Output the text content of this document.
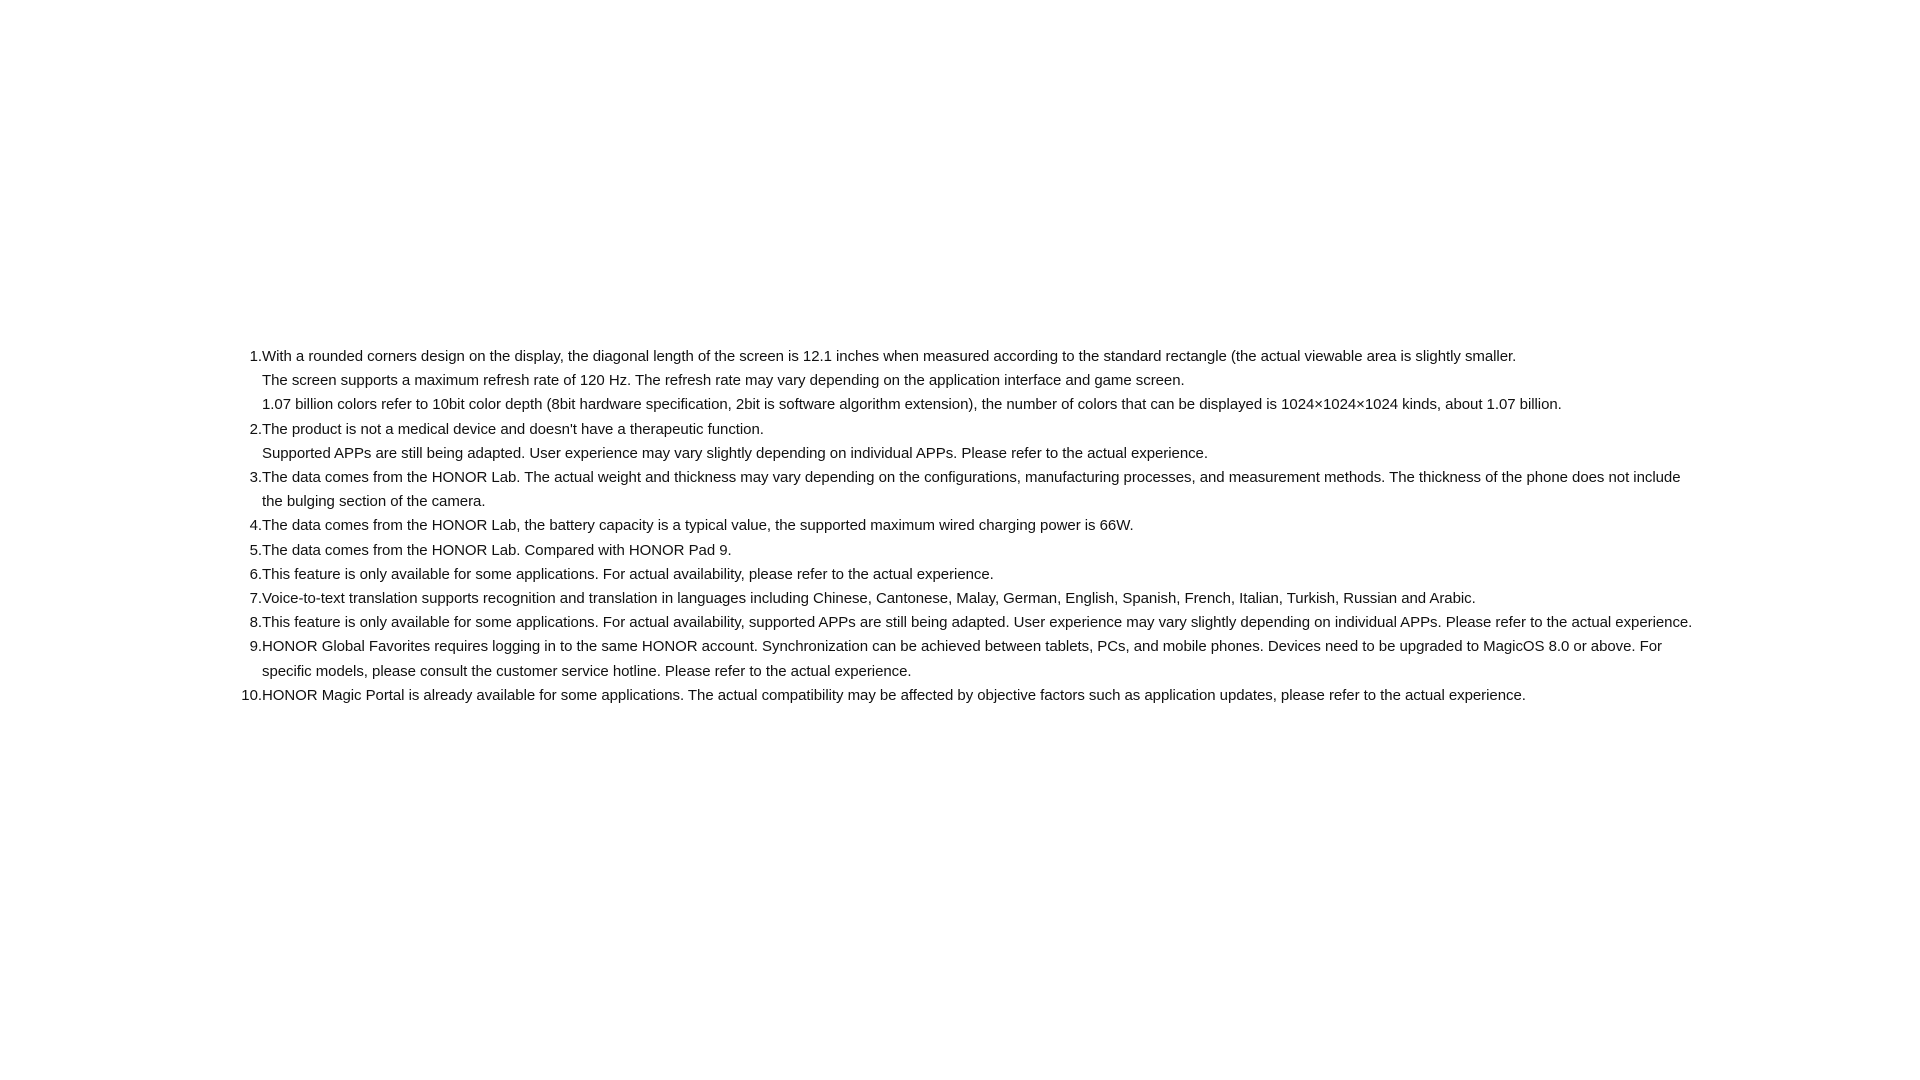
1 . With a rounded corners design on the display, the diagonal length of the screen is 12.1 inches when measured according to the standard rectangle (the actual viewable area is slightly smaller.

The screen supports a maximum refresh rate of 120 Hz. The refresh rate may vary depending on the application interface and game screen.

1.07 billion colors refer to 10bit color depth (8bit hardware specification, 2bit is software algorithm extension), the number of colors that can be displayed is 1024×1024×1024 kinds, about 1.07 billion.

2 . The product is not a medical device and doesn't have a therapeutic function.

Supported APPs are still being adapted. User experience may vary slightly depending on individual APPs. Please refer to the actual experience.

3 . The data comes from the HONOR Lab. The actual weight and thickness may vary depending on the configurations, manufacturing processes, and measurement methods. The thickness of the phone does not include the bulging section of the camera.

4 . The data comes from the HONOR Lab, the battery capacity is a typical value, the supported maximum wired charging power is 66W.

5 . The data comes from the HONOR Lab. Compared with HONOR Pad 9.

6 . This feature is only available for some applications. For actual availability, please refer to the actual experience.

7 . Voice-to-text translation supports recognition and translation in languages including Chinese, Cantonese, Malay, German, English, Spanish, French, Italian, Turkish, Russian and Arabic.

8 . This feature is only available for some applications. For actual availability, supported APPs are still being adapted. User experience may vary slightly depending on individual APPs. Please refer to the actual experience.

9 . HONOR Global Favorites requires logging in to the same HONOR account. Synchronization can be achieved between tablets, PCs, and mobile phones. Devices need to be upgraded to MagicOS 8.0 or above. For specific models, please consult the customer service hotline. Please refer to the actual experience.

10 . HONOR Magic Portal is already available for some applications. The actual compatibility may be affected by objective factors such as application updates, please refer to the actual experience.
